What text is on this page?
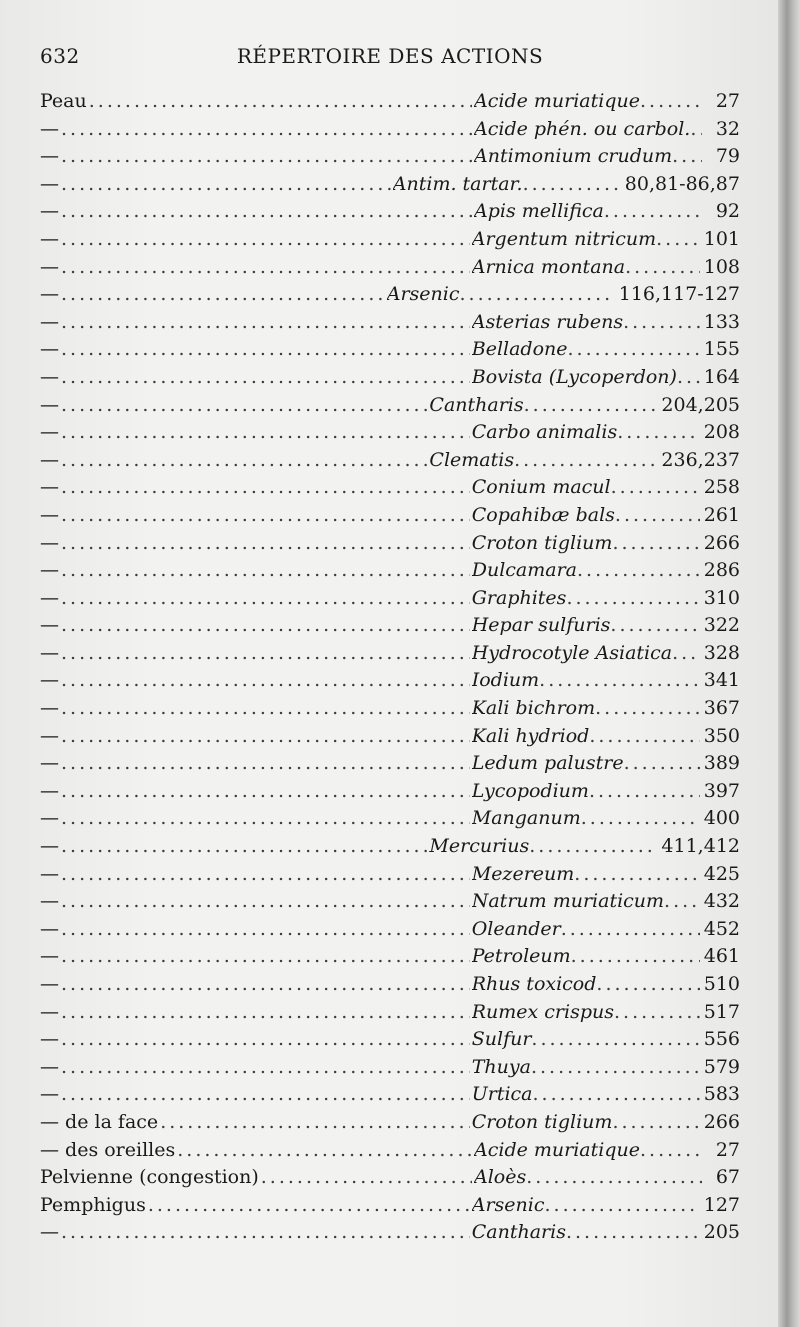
632	RÉPERTOIRE DES ACTIONS
Peau .....	Acide muriatique .....	27
— .....	Acide phén. ou carbol. .....	32
— .....	Antimonium crudum .....	79
— .....	Antim. tartar. .....	80,81-86,87
— .....	Apis mellifica .....	92
— .....	Argentum nitricum .....	101
— .....	Arnica montana .....	108
— .....	Arsenic .....	116,117-127
— .....	Asterias rubens .....	133
— .....	Belladone .....	155
— .....	Bovista (Lycoperdon) ..... 164
— .....	Cantharis .....	204,205
— .....	Carbo animalis .....	208
— .....	Clematis .....	236,237
— .....	Conium macul .....	258
— .....	Copahibæ bals .....	261
— .....	Croton tiglium .....	266
— .....	Dulcamara .....	286
— .....	Graphites .....	310
— .....	Hepar sulfuris .....	322
— .....	Hydrocotyle Asiatica ..... 328
— .....	Iodium .....	341
— .....	Kali bichrom .....	367
— .....	Kali hydriod .....	350
— .....	Ledum palustre .....	389
— .....	Lycopodium .....	397
— .....	Manganum .....	400
— .....	Mercurius .....	411,412
— .....	Mezereum .....	425
— .....	Natrum muriaticum ..... 432
— .....	Oleander .....	452
— .....	Petroleum .....	461
— .....	Rhus toxicod .....	510
— .....	Rumex crispus .....	517
— .....	Sulfur .....	556
— .....	Thuya .....	579
— .....	Urtica .....	583
— de la face .....	Croton tiglium .....	266
— des oreilles .....	Acide muriatique .....	27
Pelvienne (congestion) .....	Aloès .....	67
Pemphigus .....	Arsenic .....	127
— .....	Cantharis .....	205
